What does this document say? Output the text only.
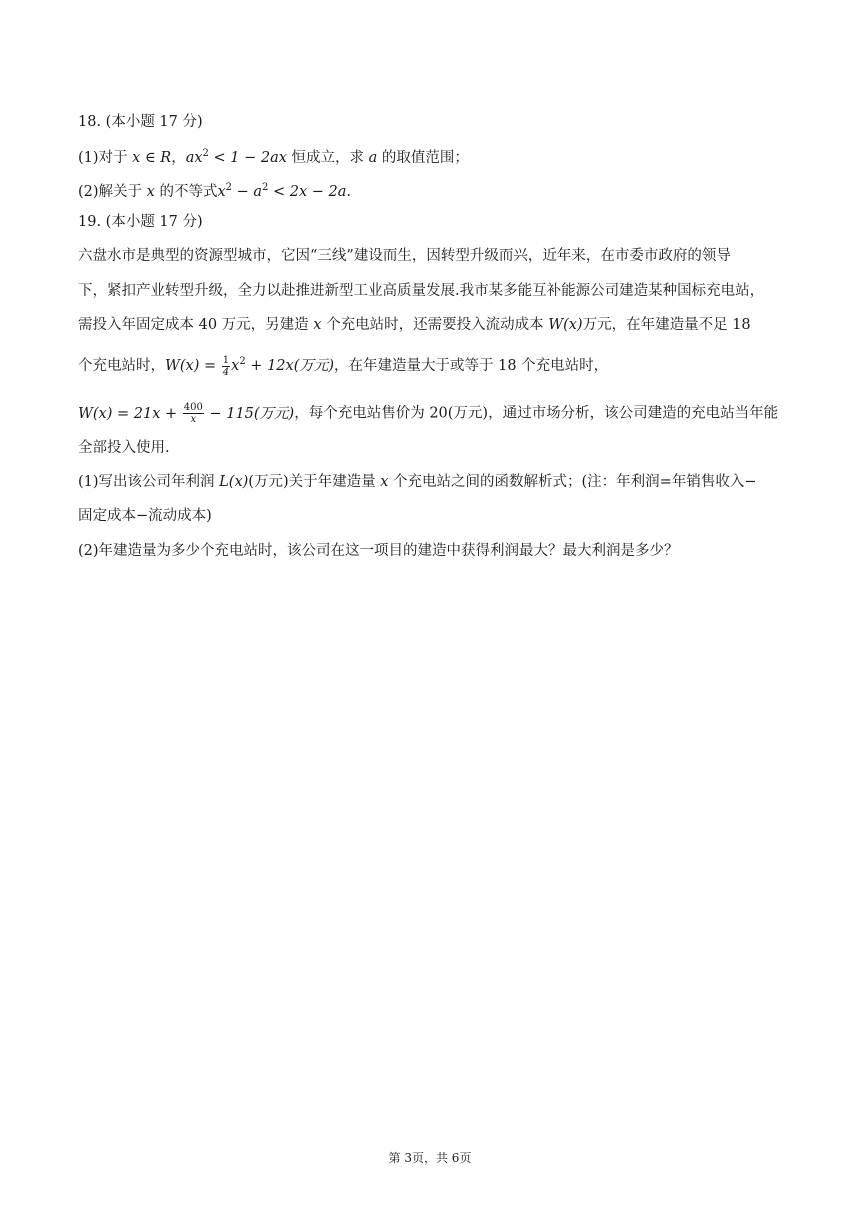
18. (本小题 17 分)
(1)对于 x ∈ R，$ax^2 < 1 - 2ax$ 恒成立，求 a 的取值范围；
(2)解关于 x 的不等式$x^2 - a^2 < 2x - 2a$.
19. (本小题 17 分)
六盘水市是典型的资源型城市，它因“三线”建设而生，因转型升级而兴，近年来，在市委市政府的领导
下，紧扣产业转型升级，全力以赴推进新型工业高质量发展.我市某多能互补能源公司建造某种国标充电站，
需投入年固定成本 40 万元，另建造 x 个充电站时，还需要投入流动成本 W(x)万元，在年建造量不足 18
个充电站时，$W(x) = \frac{1}{4} x^2 + 12x$(万元)，在年建造量大于或等于 18 个充电站时，
$W(x) = 21x + \frac{400}{x} - 115$(万元)，每个充电站售价为 20(万元)，通过市场分析，该公司建造的充电站当年能
全部投入使用.
(1)写出该公司年利润 L(x)(万元)关于年建造量 x 个充电站之间的函数解析式；(注：年利润=年销售收入−
固定成本−流动成本)
(2)年建造量为多少个充电站时，该公司在这一项目的建造中获得利润最大？最大利润是多少？
第 3页，共 6页
